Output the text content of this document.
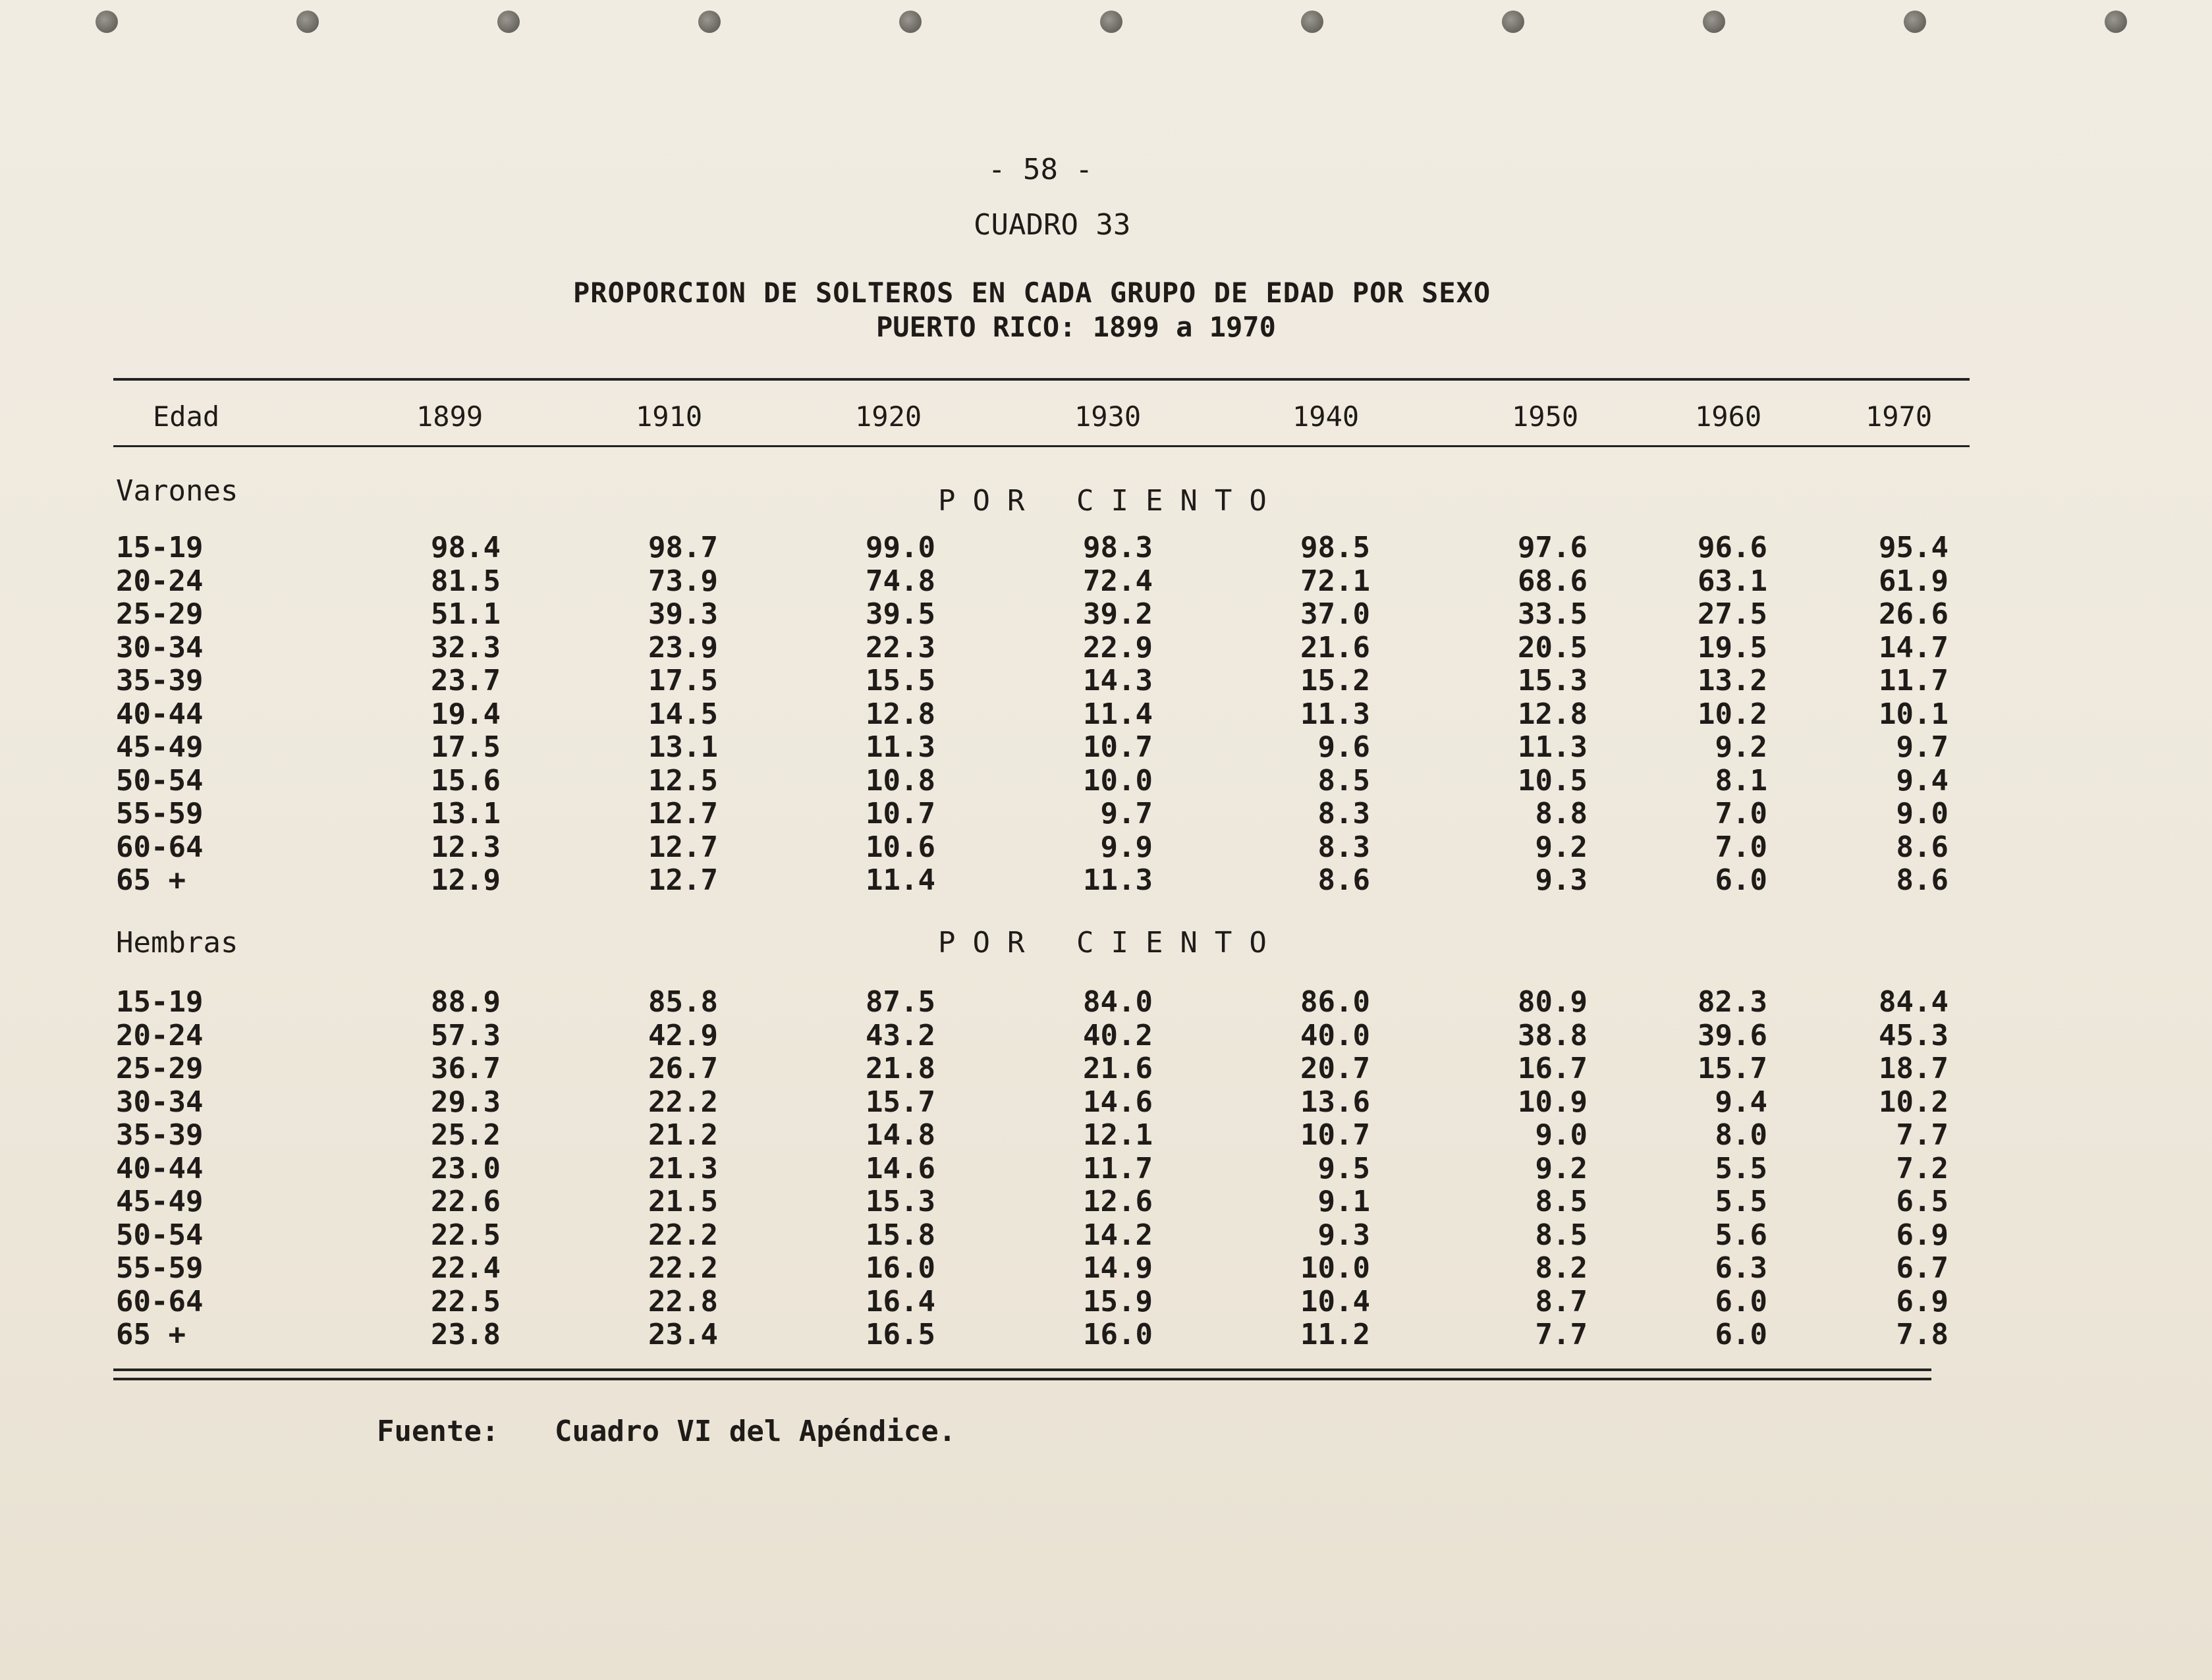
- 58 -
CUADRO 33
PROPORCION DE SOLTEROS EN CADA GRUPO DE EDAD POR SEXO
PUERTO RICO: 1899 a 1970
Edad	1899	1910	1920	1930	1940	1950	1960	1970
Varones	POR CIENTO
15-19	98.4	98.7	99.0	98.3	98.5	97.6	96.6	95.4
20-24	81.5	73.9	74.8	72.4	72.1	68.6	63.1	61.9
25-29	51.1	39.3	39.5	39.2	37.0	33.5	27.5	26.6
30-34	32.3	23.9	22.3	22.9	21.6	20.5	19.5	14.7
35-39	23.7	17.5	15.5	14.3	15.2	15.3	13.2	11.7
40-44	19.4	14.5	12.8	11.4	11.3	12.8	10.2	10.1
45-49	17.5	13.1	11.3	10.7	9.6	11.3	9.2	9.7
50-54	15.6	12.5	10.8	10.0	8.5	10.5	8.1	9.4
55-59	13.1	12.7	10.7	9.7	8.3	8.8	7.0	9.0
60-64	12.3	12.7	10.6	9.9	8.3	9.2	7.0	8.6
65 +	12.9	12.7	11.4	11.3	8.6	9.3	6.0	8.6
Hembras	POR CIENTO
15-19	88.9	85.8	87.5	84.0	86.0	80.9	82.3	84.4
20-24	57.3	42.9	43.2	40.2	40.0	38.8	39.6	45.3
25-29	36.7	26.7	21.8	21.6	20.7	16.7	15.7	18.7
30-34	29.3	22.2	15.7	14.6	13.6	10.9	9.4	10.2
35-39	25.2	21.2	14.8	12.1	10.7	9.0	8.0	7.7
40-44	23.0	21.3	14.6	11.7	9.5	9.2	5.5	7.2
45-49	22.6	21.5	15.3	12.6	9.1	8.5	5.5	6.5
50-54	22.5	22.2	15.8	14.2	9.3	8.5	5.6	6.9
55-59	22.4	22.2	16.0	14.9	10.0	8.2	6.3	6.7
60-64	22.5	22.8	16.4	15.9	10.4	8.7	6.0	6.9
65 +	23.8	23.4	16.5	16.0	11.2	7.7	6.0	7.8
Fuente: Cuadro VI del Apéndice.
